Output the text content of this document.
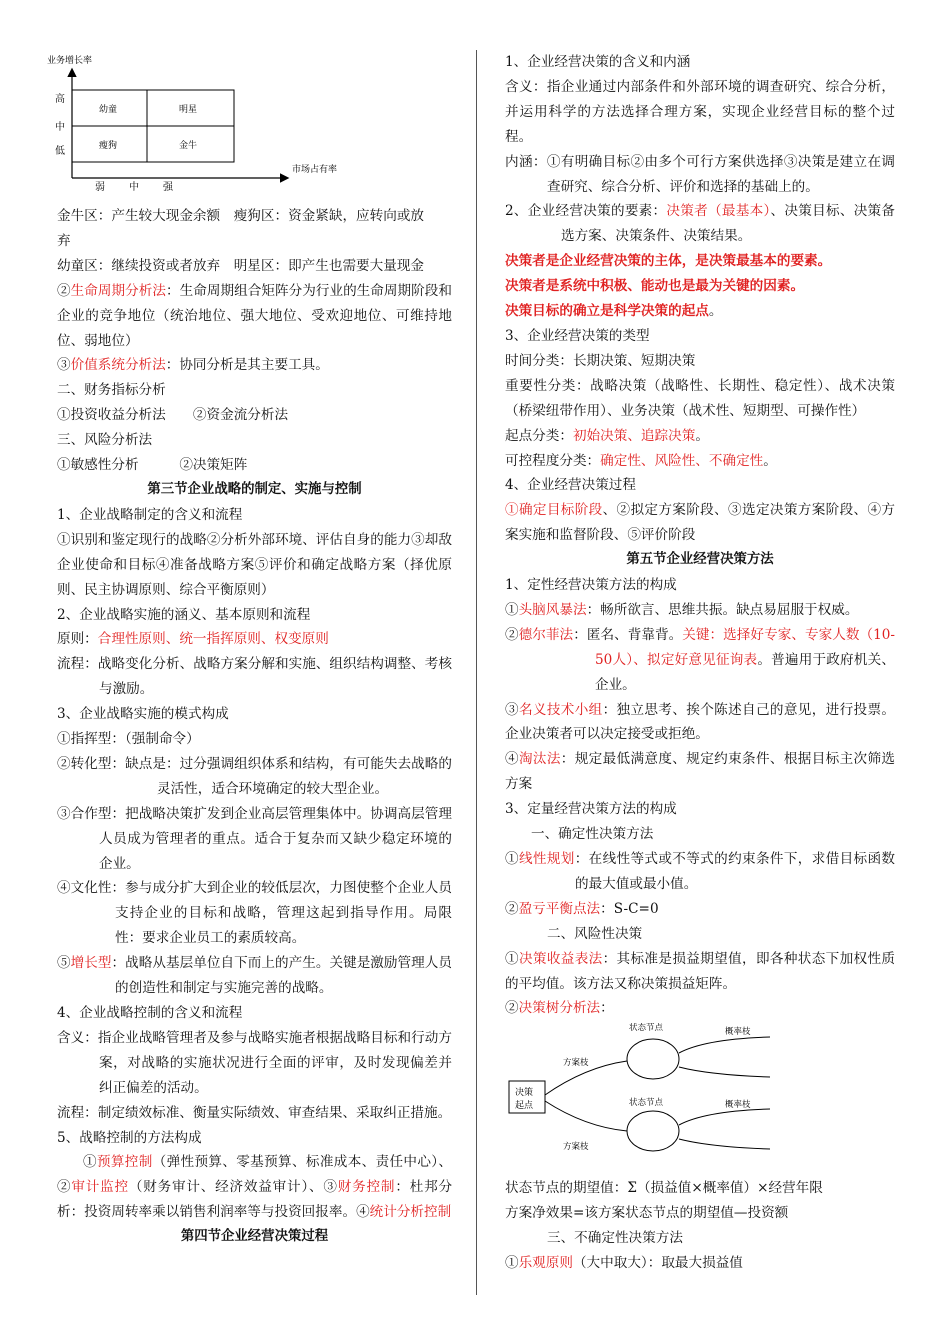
业务增长率
市场占有率
高
中
低
幼童	明星
瘦狗	金牛
弱 中 强

金牛区：产生较大现金余额　瘦狗区：资金紧缺，应转向或放
弃

幼童区：继续投资或者放弃　明星区：即产生也需要大量现金

②生命周期分析法：生命周期组合矩阵分为行业的生命周期阶段和企业的竞争地位（统治地位、强大地位、受欢迎地位、可维持地位、弱地位）

③价值系统分析法：协同分析是其主要工具。

二、财务指标分析

①投资收益分析法　　②资金流分析法

三、风险分析法

①敏感性分析　　　②决策矩阵

第三节企业战略的制定、实施与控制

1、企业战略制定的含义和流程

①识别和鉴定现行的战略②分析外部环境、评估自身的能力③却敌企业使命和目标④准备战略方案⑤评价和确定战略方案（择优原则、民主协调原则、综合平衡原则）

2、企业战略实施的涵义、基本原则和流程

原则：合理性原则、统一指挥原则、权变原则

流程：战略变化分析、战略方案分解和实施、组织结构调整、考核与激励。

3、企业战略实施的模式构成

①指挥型：（强制命令）

②转化型：缺点是：过分强调组织体系和结构，有可能失去战略的灵活性，适合环境确定的较大型企业。

③合作型：把战略决策扩发到企业高层管理集体中。协调高层管理人员成为管理者的重点。适合于复杂而又缺少稳定环境的企业。

④文化性：参与成分扩大到企业的较低层次，力图使整个企业人员支持企业的目标和战略，管理这起到指导作用。局限性：要求企业员工的素质较高。

⑤增长型：战略从基层单位自下而上的产生。关键是激励管理人员的创造性和制定与实施完善的战略。

4、企业战略控制的含义和流程

含义：指企业战略管理者及参与战略实施者根据战略目标和行动方案，对战略的实施状况进行全面的评审，及时发现偏差并纠正偏差的活动。

流程：制定绩效标准、衡量实际绩效、审查结果、采取纠正措施。

5、战略控制的方法构成

①预算控制（弹性预算、零基预算、标准成本、责任中心）、②审计监控（财务审计、经济效益审计）、③财务控制：杜邦分析：投资周转率乘以销售利润率等与投资回报率。④统计分析控制

第四节企业经营决策过程

1、企业经营决策的含义和内涵

含义：指企业通过内部条件和外部环境的调查研究、综合分析，并运用科学的方法选择合理方案，实现企业经营目标的整个过程。

内涵：①有明确目标②由多个可行方案供选择③决策是建立在调查研究、综合分析、评价和选择的基础上的。

2、企业经营决策的要素：决策者（最基本）、决策目标、决策备选方案、决策条件、决策结果。

决策者是企业经营决策的主体，是决策最基本的要素。

决策者是系统中积极、能动也是最为关键的因素。

决策目标的确立是科学决策的起点。

3、企业经营决策的类型

时间分类：长期决策、短期决策

重要性分类：战略决策（战略性、长期性、稳定性）、战术决策（桥梁纽带作用）、业务决策（战术性、短期型、可操作性）

起点分类：初始决策、追踪决策。

可控程度分类：确定性、风险性、不确定性。

4、企业经营决策过程

①确定目标阶段、②拟定方案阶段、③选定决策方案阶段、④方案实施和监督阶段、⑤评价阶段

第五节企业经营决策方法

1、定性经营决策方法的构成

①头脑风暴法：畅所欲言、思维共振。缺点易屈服于权威。

②德尔菲法：匿名、背靠背。关键：选择好专家、专家人数（10-50人）、拟定好意见征询表。普遍用于政府机关、企业。

③名义技术小组：独立思考、挨个陈述自己的意见，进行投票。企业决策者可以决定接受或拒绝。

④淘汰法：规定最低满意度、规定约束条件、根据目标主次筛选方案

3、定量经营决策方法的构成

一、确定性决策方法

①线性规划：在线性等式或不等式的约束条件下，求借目标函数的最大值或最小值。

②盈亏平衡点法：S-C=0

二、风险性决策

①决策收益表法：其标准是损益期望值，即各种状态下加权性质的平均值。该方法又称决策损益矩阵。

②决策树分析法：

决策
起点
方案枝
方案枝
状态节点
状态节点
概率枝
概率枝

状态节点的期望值：Σ（损益值×概率值）×经营年限

方案净效果=该方案状态节点的期望值—投资额

三、不确定性决策方法

①乐观原则（大中取大）：取最大损益值
